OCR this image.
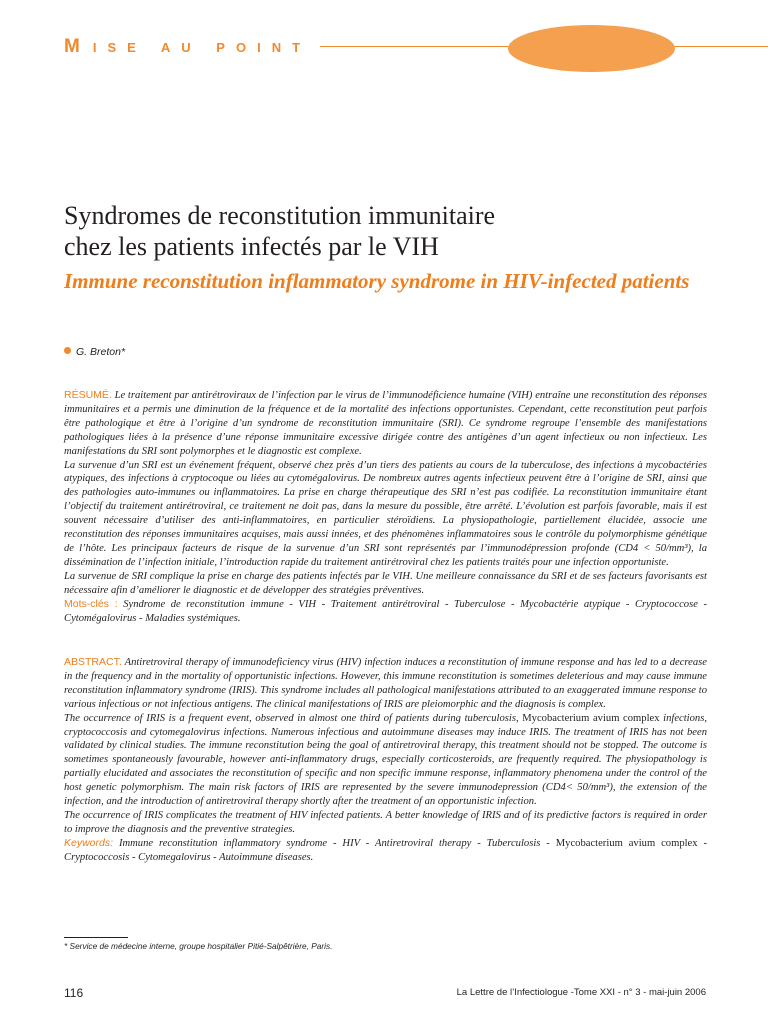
MISE AU POINT
Syndromes de reconstitution immunitaire
chez les patients infectés par le VIH
Immune reconstitution inflammatory syndrome in HIV-infected patients
G. Breton*

RÉSUMÉ. Le traitement par antirétroviraux de l’infection par le virus de l’immunodéficience humaine (VIH) entraîne une reconstitution des réponses immunitaires et a permis une diminution de la fréquence et de la mortalité des infections opportunistes. Cependant, cette reconstitution peut parfois être pathologique et être à l’origine d’un syndrome de reconstitution immunitaire (SRI). Ce syndrome regroupe l’ensemble des manifestations pathologiques liées à la présence d’une réponse immunitaire excessive dirigée contre des antigènes d’un agent infectieux ou non infectieux. Les manifestations du SRI sont polymorphes et le diagnostic est complexe.

La survenue d’un SRI est un événement fréquent, observé chez près d’un tiers des patients au cours de la tuberculose, des infections à mycobactéries atypiques, des infections à cryptocoque ou liées au cytomégalovirus. De nombreux autres agents infectieux peuvent être à l’origine de SRI, ainsi que des pathologies auto-immunes ou inflammatoires. La prise en charge thérapeutique des SRI n’est pas codifiée. La reconstitution immunitaire étant l’objectif du traitement antirétroviral, ce traitement ne doit pas, dans la mesure du possible, être arrêté. L’évolution est parfois favorable, mais il est souvent nécessaire d’utiliser des anti-inflammatoires, en particulier stéroïdiens. La physiopathologie, partiellement élucidée, associe une reconstitution des réponses immunitaires acquises, mais aussi innées, et des phénomènes inflammatoires sous le contrôle du polymorphisme génétique de l’hôte. Les principaux facteurs de risque de la survenue d’un SRI sont représentés par l’immunodépression profonde (CD4 < 50/mm³), la dissémination de l’infection initiale, l’introduction rapide du traitement antirétroviral chez les patients traités pour une infection opportuniste.

La survenue de SRI complique la prise en charge des patients infectés par le VIH. Une meilleure connaissance du SRI et de ses facteurs favorisants est nécessaire afin d’améliorer le diagnostic et de développer des stratégies préventives.

Mots-clés : Syndrome de reconstitution immune - VIH - Traitement antirétroviral - Tuberculose - Mycobactérie atypique - Cryptococcose - Cytomégalovirus - Maladies systémiques.

ABSTRACT. Antiretroviral therapy of immunodeficiency virus (HIV) infection induces a reconstitution of immune response and has led to a decrease in the frequency and in the mortality of opportunistic infections. However, this immune reconstitution is sometimes deleterious and may cause immune reconstitution inflammatory syndrome (IRIS). This syndrome includes all pathological manifestations attributed to an exaggerated immune response to various infectious or not infectious antigens. The clinical manifestations of IRIS are pleiomorphic and the diagnosis is complex.

The occurrence of IRIS is a frequent event, observed in almost one third of patients during tuberculosis, Mycobacterium avium complex infections, cryptococcosis and cytomegalovirus infections. Numerous infectious and autoimmune diseases may induce IRIS. The treatment of IRIS has not been validated by clinical studies. The immune reconstitution being the goal of antiretroviral therapy, this treatment should not be stopped. The outcome is sometimes spontaneously favourable, however anti-inflammatory drugs, especially corticosteroids, are frequently required. The physiopathology is partially elucidated and associates the reconstitution of specific and non specific immune response, inflammatory phenomena under the control of the host genetic polymorphism. The main risk factors of IRIS are represented by the severe immunodepression (CD4< 50/mm³), the extension of the infection, and the introduction of antiretroviral therapy shortly after the treatment of an opportunistic infection.

The occurrence of IRIS complicates the treatment of HIV infected patients. A better knowledge of IRIS and of its predictive factors is required in order to improve the diagnosis and the preventive strategies.

Keywords: Immune reconstitution inflammatory syndrome - HIV - Antiretroviral therapy - Tuberculosis - Mycobacterium avium complex - Cryptococcosis - Cytomegalovirus - Autoimmune diseases.

* Service de médecine interne, groupe hospitalier Pitié-Salpêtrière, Paris.
116	La Lettre de l’Infectiologue -Tome XXI - n° 3 - mai-juin 2006
